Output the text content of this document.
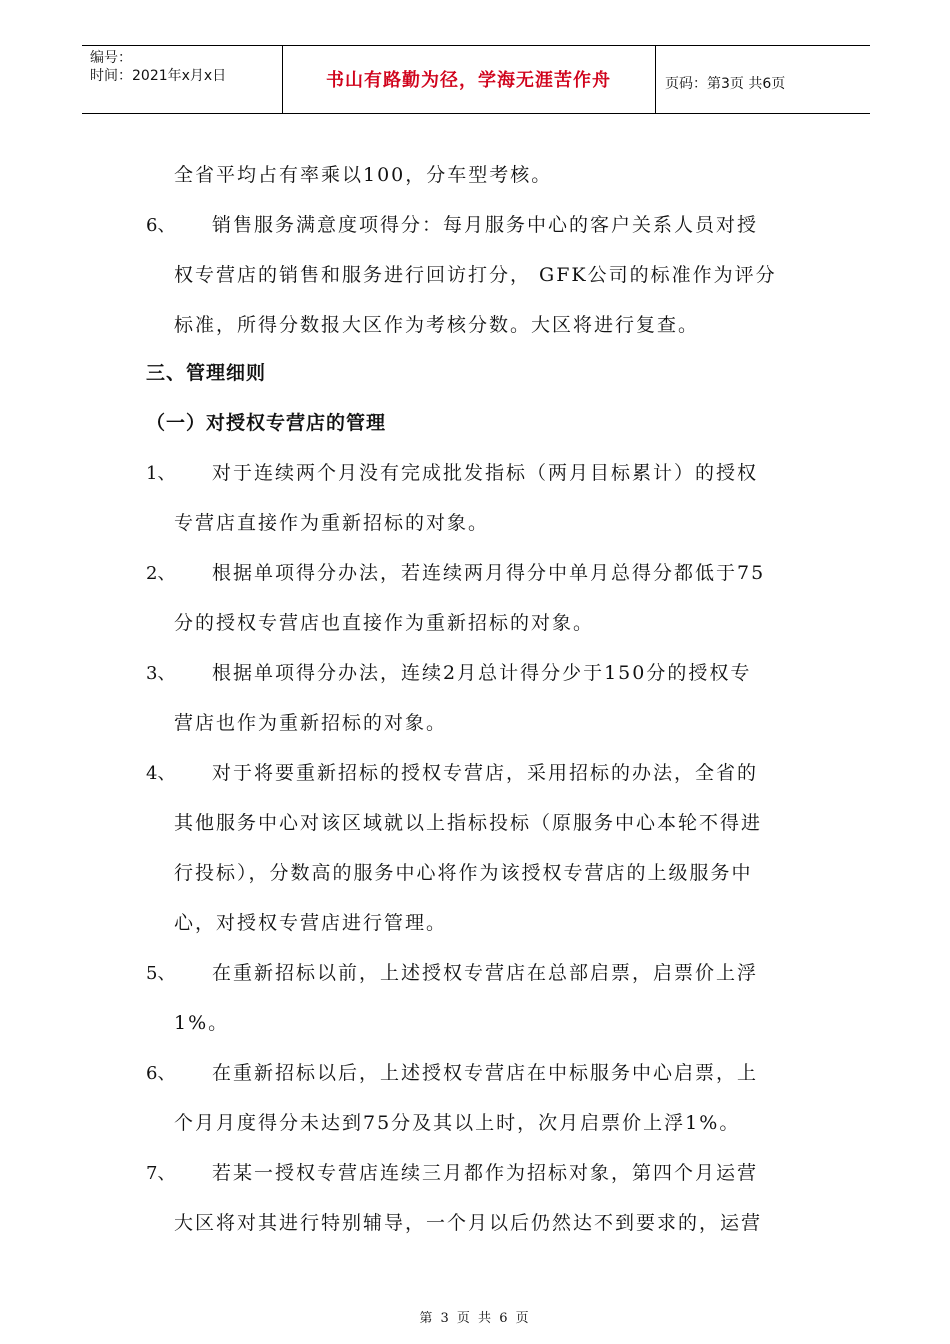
编号：
时间：2021年x月x日	书山有路勤为径，学海无涯苦作舟	页码：第3页 共6页
全省平均占有率乘以100，分车型考核。
6、 销售服务满意度项得分：每月服务中心的客户关系人员对授
权专营店的销售和服务进行回访打分， GFK公司的标准作为评分
标准，所得分数报大区作为考核分数。大区将进行复查。
三、管理细则
（一）对授权专营店的管理
1、 对于连续两个月没有完成批发指标（两月目标累计）的授权
专营店直接作为重新招标的对象。
2、 根据单项得分办法，若连续两月得分中单月总得分都低于75
分的授权专营店也直接作为重新招标的对象。
3、 根据单项得分办法，连续2月总计得分少于150分的授权专
营店也作为重新招标的对象。
4、 对于将要重新招标的授权专营店，采用招标的办法，全省的
其他服务中心对该区域就以上指标投标（原服务中心本轮不得进
行投标），分数高的服务中心将作为该授权专营店的上级服务中
心，对授权专营店进行管理。
5、 在重新招标以前，上述授权专营店在总部启票，启票价上浮
1%。
6、 在重新招标以后，上述授权专营店在中标服务中心启票，上
个月月度得分未达到75分及其以上时，次月启票价上浮1%。
7、 若某一授权专营店连续三月都作为招标对象，第四个月运营
大区将对其进行特别辅导，一个月以后仍然达不到要求的，运营
第 3 页 共 6 页
